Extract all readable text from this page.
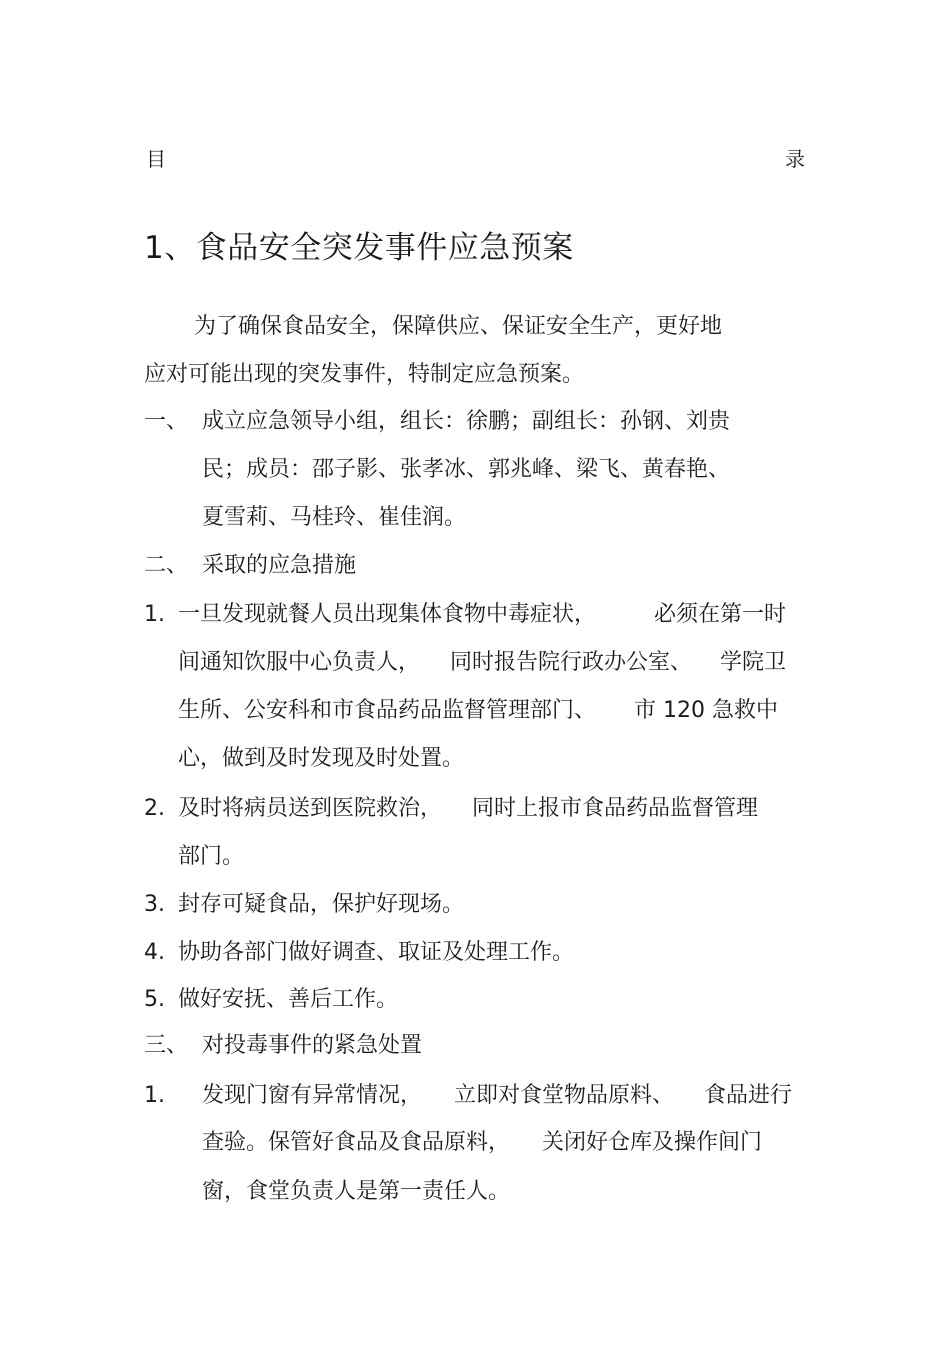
目	录
1、食品安全突发事件应急预案
为了确保食品安全，保障供应、保证安全生产，更好地
应对可能出现的突发事件，特制定应急预案。
一、 成立应急领导小组，组长：徐鹏；副组长：孙钢、刘贵
民；成员：邵子影、张孝冰、郭兆峰、梁飞、黄春艳、
夏雪莉、马桂玲、崔佳润。
二、 采取的应急措施
1. 一旦发现就餐人员出现集体食物中毒症状，	必须在第一时
间通知饮服中心负责人， 同时报告院行政办公室、 学院卫
生所、公安科和市食品药品监督管理部门、 市 120 急救中
心，做到及时发现及时处置。
2. 及时将病员送到医院救治， 同时上报市食品药品监督管理
部门。
3. 封存可疑食品，保护好现场。
4. 协助各部门做好调查、取证及处理工作。
5. 做好安抚、善后工作。
三、 对投毒事件的紧急处置
1. 发现门窗有异常情况， 立即对食堂物品原料、 食品进行
查验。保管好食品及食品原料， 关闭好仓库及操作间门
窗，食堂负责人是第一责任人。
